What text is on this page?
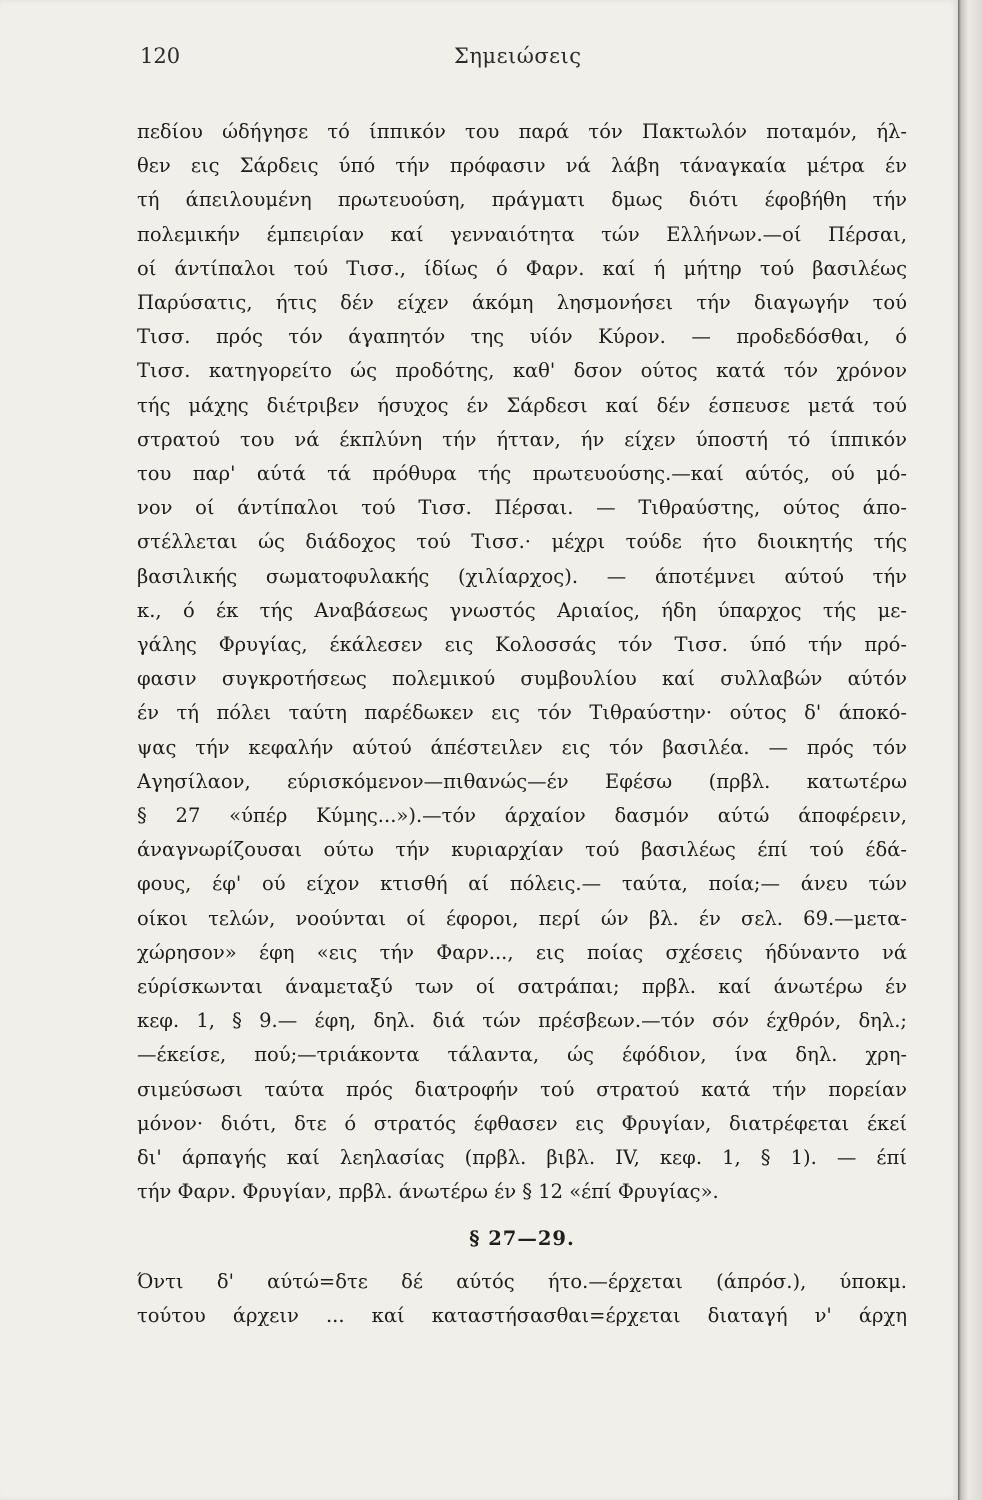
120	Σημειώσεις
πεδίου ώδήγησε τό ίππικόν του παρά τόν Πακτωλόν ποταμόν, ήλ-
θεν εις Σάρδεις ύπό τήν πρόφασιν νά λάβη τάναγκαία μέτρα έν
τή άπειλουμένη πρωτευούση, πράγματι δμως διότι έφοβήθη τήν
πολεμικήν έμπειρίαν καί γενναιότητα τών Ελλήνων.—οί Πέρσαι,
οί άντίπαλοι τού Τισσ., ίδίως ό Φαρν. καί ή μήτηρ τού βασιλέως
Παρύσατις, ήτις δέν είχεν άκόμη λησμονήσει τήν διαγωγήν τού
Τισσ. πρός τόν άγαπητόν της υίόν Κύρον. — προδεδόσθαι, ό
Τισσ. κατηγορείτο ώς προδότης, καθ' δσον ούτος κατά τόν χρόνον
τής μάχης διέτριβεν ήσυχος έν Σάρδεσι καί δέν έσπευσε μετά τού
στρατού του νά έκπλύνη τήν ήτταν, ήν είχεν ύποστή τό ίππικόν
του παρ' αύτά τά πρόθυρα τής πρωτευούσης.—καί αύτός, ού μό-
νον οί άντίπαλοι τού Τισσ. Πέρσαι. — Τιθραύστης, ούτος άπο-
στέλλεται ώς διάδοχος τού Τισσ.· μέχρι τούδε ήτο διοικητής τής
βασιλικής σωματοφυλακής (χιλίαρχος). — άποτέμνει αύτού τήν
κ., ό έκ τής Αναβάσεως γνωστός Αριαίος, ήδη ύπαρχος τής με-
γάλης Φρυγίας, έκάλεσεν εις Κολοσσάς τόν Τισσ. ύπό τήν πρό-
φασιν συγκροτήσεως πολεμικού συμβουλίου καί συλλαβών αύτόν
έν τή πόλει ταύτη παρέδωκεν εις τόν Τιθραύστην· ούτος δ' άποκό-
ψας τήν κεφαλήν αύτού άπέστειλεν εις τόν βασιλέα. — πρός τόν
Αγησίλαον, εύρισκόμενον—πιθανώς—έν Εφέσω (πρβλ. κατωτέρω
§ 27 «ύπέρ Κύμης...»).—τόν άρχαίον δασμόν αύτώ άποφέρειν,
άναγνωρίζουσαι ούτω τήν κυριαρχίαν τού βασιλέως έπί τού έδά-
φους, έφ' ού είχον κτισθή αί πόλεις.— ταύτα, ποία;— άνευ τών
οίκοι τελών, νοούνται οί έφοροι, περί ών βλ. έν σελ. 69.—μετα-
χώρησον» έφη «εις τήν Φαρν..., εις ποίας σχέσεις ήδύναντο νά
εύρίσκωνται άναμεταξύ των οί σατράπαι; πρβλ. καί άνωτέρω έν
κεφ. 1, § 9.— έφη, δηλ. διά τών πρέσβεων.—τόν σόν έχθρόν, δηλ.;
—έκείσε, πού;—τριάκοντα τάλαντα, ώς έφόδιον, ίνα δηλ. χρη-
σιμεύσωσι ταύτα πρός διατροφήν τού στρατού κατά τήν πορείαν
μόνον· διότι, δτε ό στρατός έφθασεν εις Φρυγίαν, διατρέφεται έκεί
δι' άρπαγής καί λεηλασίας (πρβλ. βιβλ. IV, κεφ. 1, § 1). — έπί
τήν Φαρν. Φρυγίαν, πρβλ. άνωτέρω έν § 12 «έπί Φρυγίας».
§ 27—29.
Όντι δ' αύτώ=δτε δέ αύτός ήτο.—έρχεται (άπρόσ.), ύποκμ.
τούτου άρχειν ... καί καταστήσασθαι=έρχεται διαταγή ν' άρχη
